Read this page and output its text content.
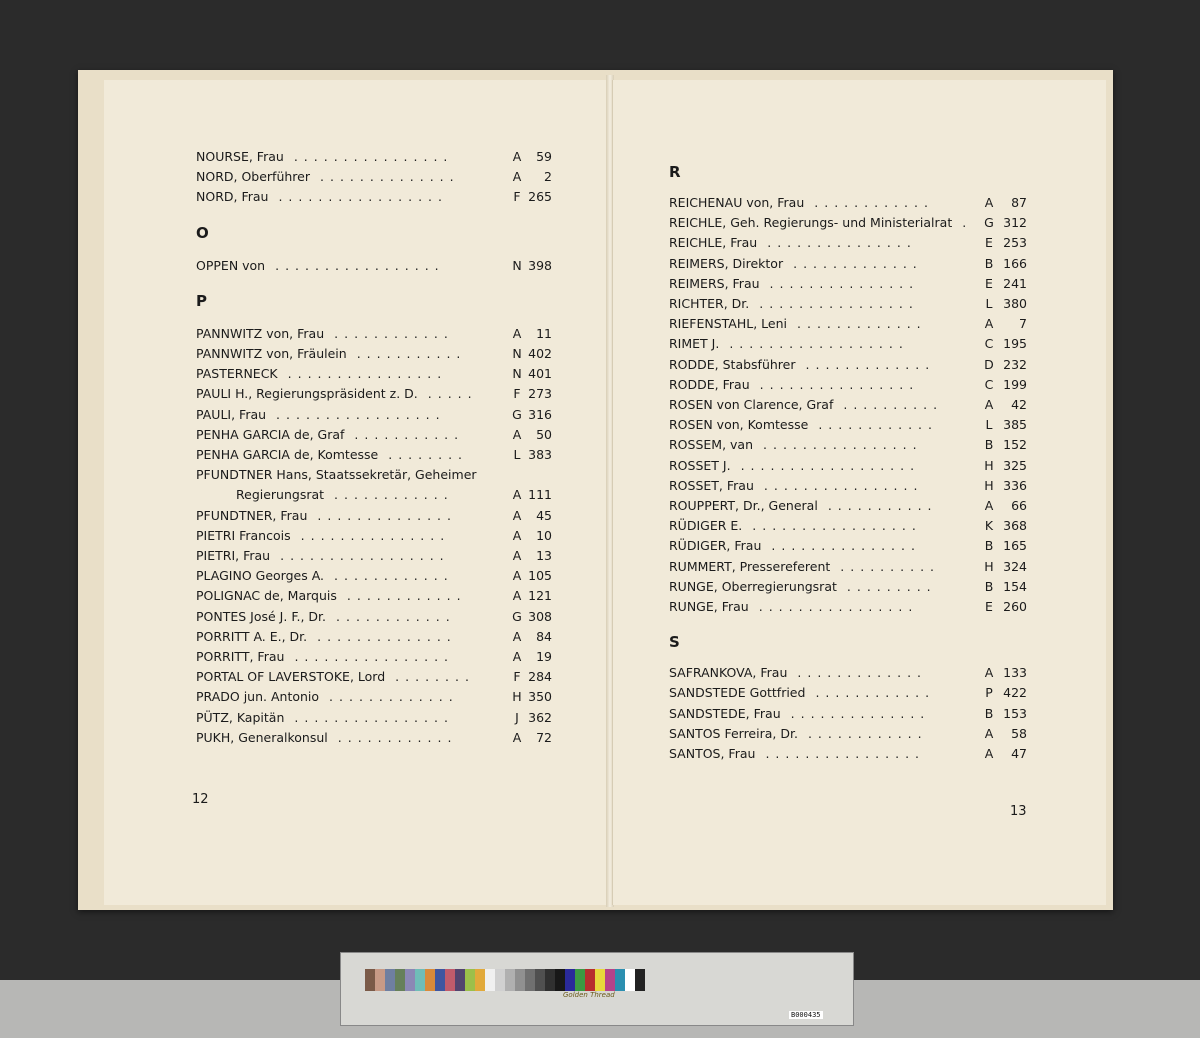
NOURSE, Frau	A	59
................
NORD, Oberführer	A	2
..............
NORD, Frau	F 265
.................
O
OPPEN von	N 398
.................
P
PANNWITZ von, Frau	A	11
............
PANNWITZ von, Fräulein	N 402
...........
PASTERNECK	N 401
................
PAULI H., Regierungspräsident z. D.	F 273
.....
PAULI, Frau	G 316
.................
PENHA GARCIA de, Graf	A	50
...........
PENHA GARCIA de, Komtesse	L 383
........
PFUNDTNER Hans, Staatssekretär, Geheimer
Regierungsrat	A 111
............
PFUNDTNER, Frau	A	45
..............
PIETRI Francois	A	10
...............
PIETRI, Frau	A	13
.................
PLAGINO Georges A.	A 105
............
POLIGNAC de, Marquis	A 121
............
PONTES José J. F., Dr.	G 308
............
PORRITT A. E., Dr.	A	84
..............
PORRITT, Frau	A	19
................
PORTAL OF LAVERSTOKE, Lord	F 284
........
PRADO jun. Antonio	H 350
.............
PÜTZ, Kapitän	J 362
................
PUKH, Generalkonsul	A	72
............
12
R
REICHENAU von, Frau	A	87
............
REICHLE, Geh. Regierungs- und Ministerialrat	G 312
.
REICHLE, Frau	E 253
...............
REIMERS, Direktor	B 166
.............
REIMERS, Frau	E 241
...............
RICHTER, Dr.	L 380
................
RIEFENSTAHL, Leni	A	7
.............
RIMET J.	C 195
..................
RODDE, Stabsführer	D 232
.............
RODDE, Frau	C 199
................
ROSEN von Clarence, Graf	A	42
..........
ROSEN von, Komtesse	L 385
............
ROSSEM, van	B 152
................
ROSSET J.	H 325
..................
ROSSET, Frau	H 336
................
ROUPPERT, Dr., General	A	66
...........
RÜDIGER E.	K 368
.................
RÜDIGER, Frau	B 165
...............
RUMMERT, Pressereferent	H 324
..........
RUNGE, Oberregierungsrat	B 154
.........
RUNGE, Frau	E 260
................
S
SAFRANKOVA, Frau	A 133
.............
SANDSTEDE Gottfried	P 422
............
SANDSTEDE, Frau	B 153
..............
SANTOS Ferreira, Dr.	A	58
............
SANTOS, Frau	A	47
................
13
Golden Thread
B000435
